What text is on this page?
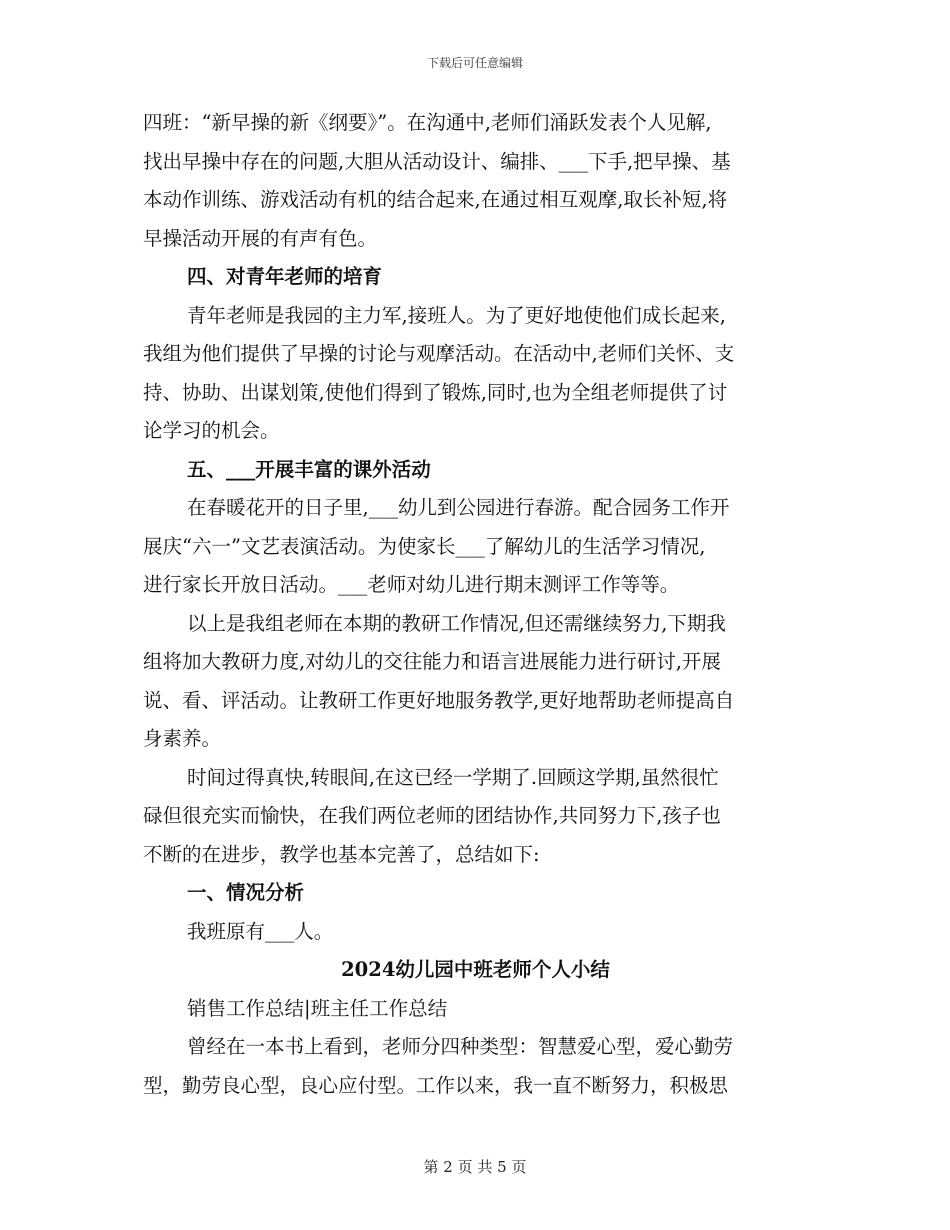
下载后可任意编辑
四班：“新早操的新《纲要》”。在沟通中,老师们涌跃发表个人见解,
找出早操中存在的问题,大胆从活动设计、编排、___下手,把早操、基
本动作训练、游戏活动有机的结合起来,在通过相互观摩,取长补短,将
早操活动开展的有声有色。
四、对青年老师的培育
青年老师是我园的主力军,接班人。为了更好地使他们成长起来,
我组为他们提供了早操的讨论与观摩活动。在活动中,老师们关怀、支
持、协助、出谋划策,使他们得到了锻炼,同时,也为全组老师提供了讨
论学习的机会。
五、___开展丰富的课外活动
在春暖花开的日子里,___幼儿到公园进行春游。配合园务工作开
展庆“六一”文艺表演活动。为使家长___了解幼儿的生活学习情况,
进行家长开放日活动。___老师对幼儿进行期末测评工作等等。
以上是我组老师在本期的教研工作情况,但还需继续努力,下期我
组将加大教研力度,对幼儿的交往能力和语言进展能力进行研讨,开展
说、看、评活动。让教研工作更好地服务教学,更好地帮助老师提高自
身素养。
时间过得真快,转眼间,在这已经一学期了.回顾这学期,虽然很忙
碌但很充实而愉快，在我们两位老师的团结协作,共同努力下,孩子也
不断的在进步，教学也基本完善了，总结如下:
一、情况分析
我班原有___人。
2024幼儿园中班老师个人小结
销售工作总结|班主任工作总结
曾经在一本书上看到，老师分四种类型：智慧爱心型，爱心勤劳
型，勤劳良心型，良心应付型。工作以来，我一直不断努力，积极思
第 2 页 共 5 页
